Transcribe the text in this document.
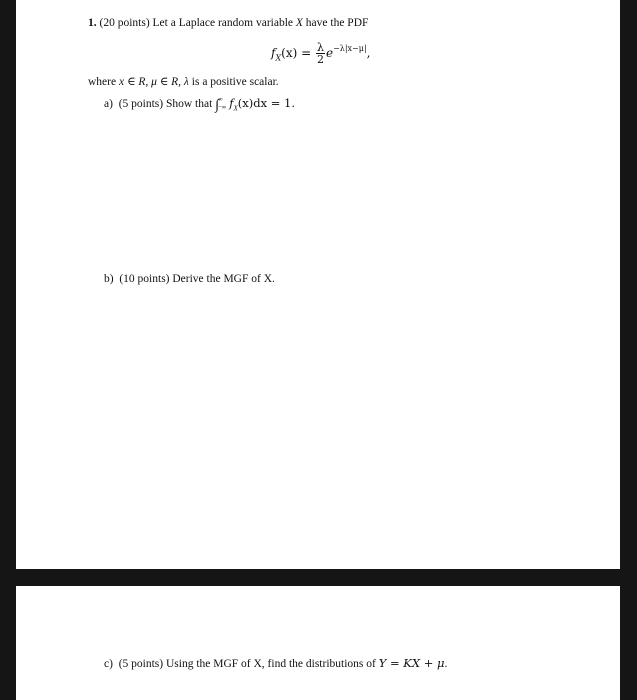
1. (20 points) Let a Laplace random variable X have the PDF
$f_X(x) = \frac{\lambda}{2} e^{-\lambda|x-\mu|}$,
where x ∈ R, μ ∈ R, λ is a positive scalar.
a) (5 points) Show that ∫ ∞
−∞ $f_X(x)dx = 1$.
b) (10 points) Derive the MGF of X.
c) (5 points) Using the MGF of X, find the distributions of Y = KX + μ.
